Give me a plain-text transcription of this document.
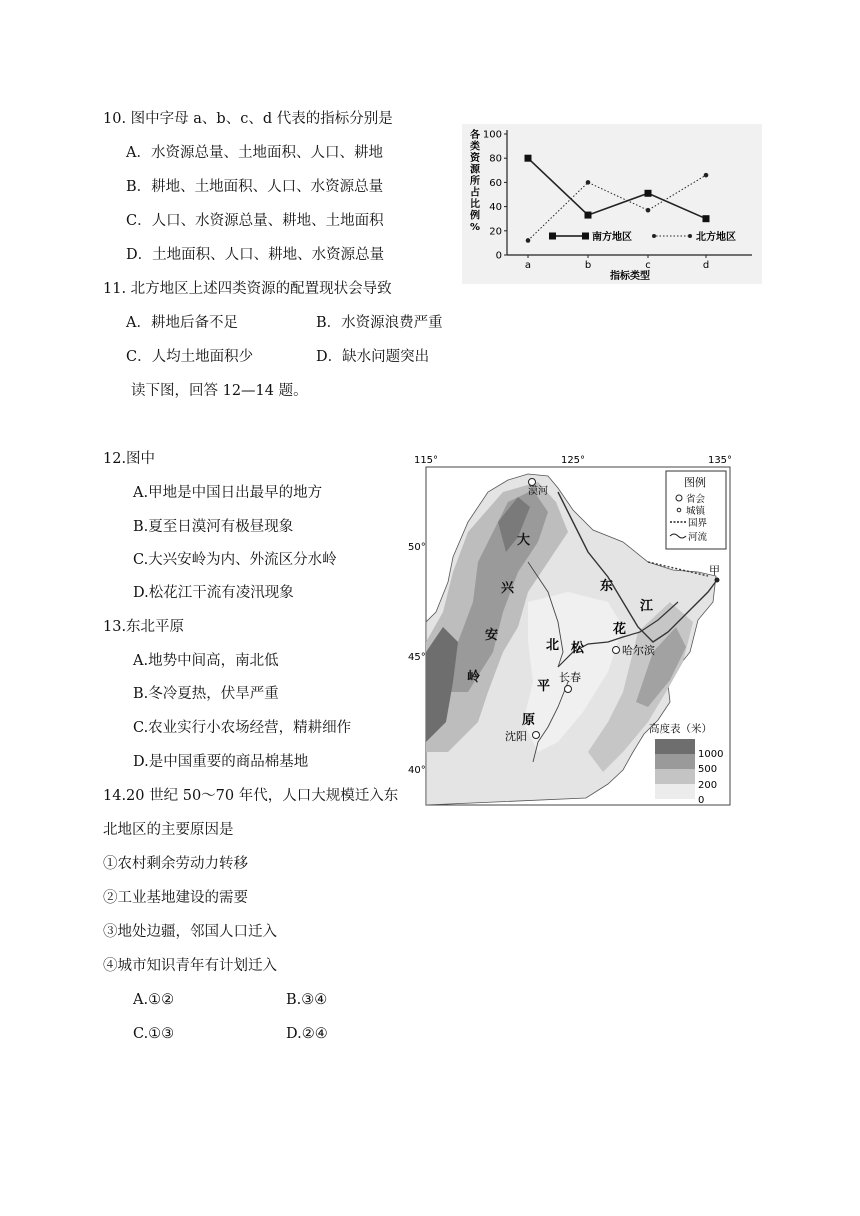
10. 图中字母 a、b、c、d 代表的指标分别是
A．水资源总量、土地面积、人口、耕地
B．耕地、土地面积、人口、水资源总量
C．人口、水资源总量、耕地、土地面积
D．土地面积、人口、耕地、水资源总量
11. 北方地区上述四类资源的配置现状会导致
A．耕地后备不足	B．水资源浪费严重
C．人均土地面积少	D．缺水问题突出
读下图，回答 12—14 题。
12.图中
A.甲地是中国日出最早的地方
B.夏至日漠河有极昼现象
C.大兴安岭为内、外流区分水岭
D.松花江干流有凌汛现象
13.东北平原
A.地势中间高，南北低
B.冬冷夏热，伏旱严重
C.农业实行小农场经营，精耕细作
D.是中国重要的商品棉基地
14.20 世纪 50～70 年代，人口大规模迁入东
北地区的主要原因是
①农村剩余劳动力转移
②工业基地建设的需要
③地处边疆，邻国人口迁入
④城市知识青年有计划迁入
A.①②	B.③④
C.①③	D.②④
各
类
资
源
所
占
比
例
%
0
20
40
60
80
100
a	b	c	d
南方地区	北方地区
指标类型
115°	125°	135°
50°
45°
40°
漠河
哈尔滨
长春
沈阳
甲
大
兴
安
岭
东
北
平
原
松
花
江
图例
省会
城镇
国界
河流
高度表（米）
1000
500
200
0
